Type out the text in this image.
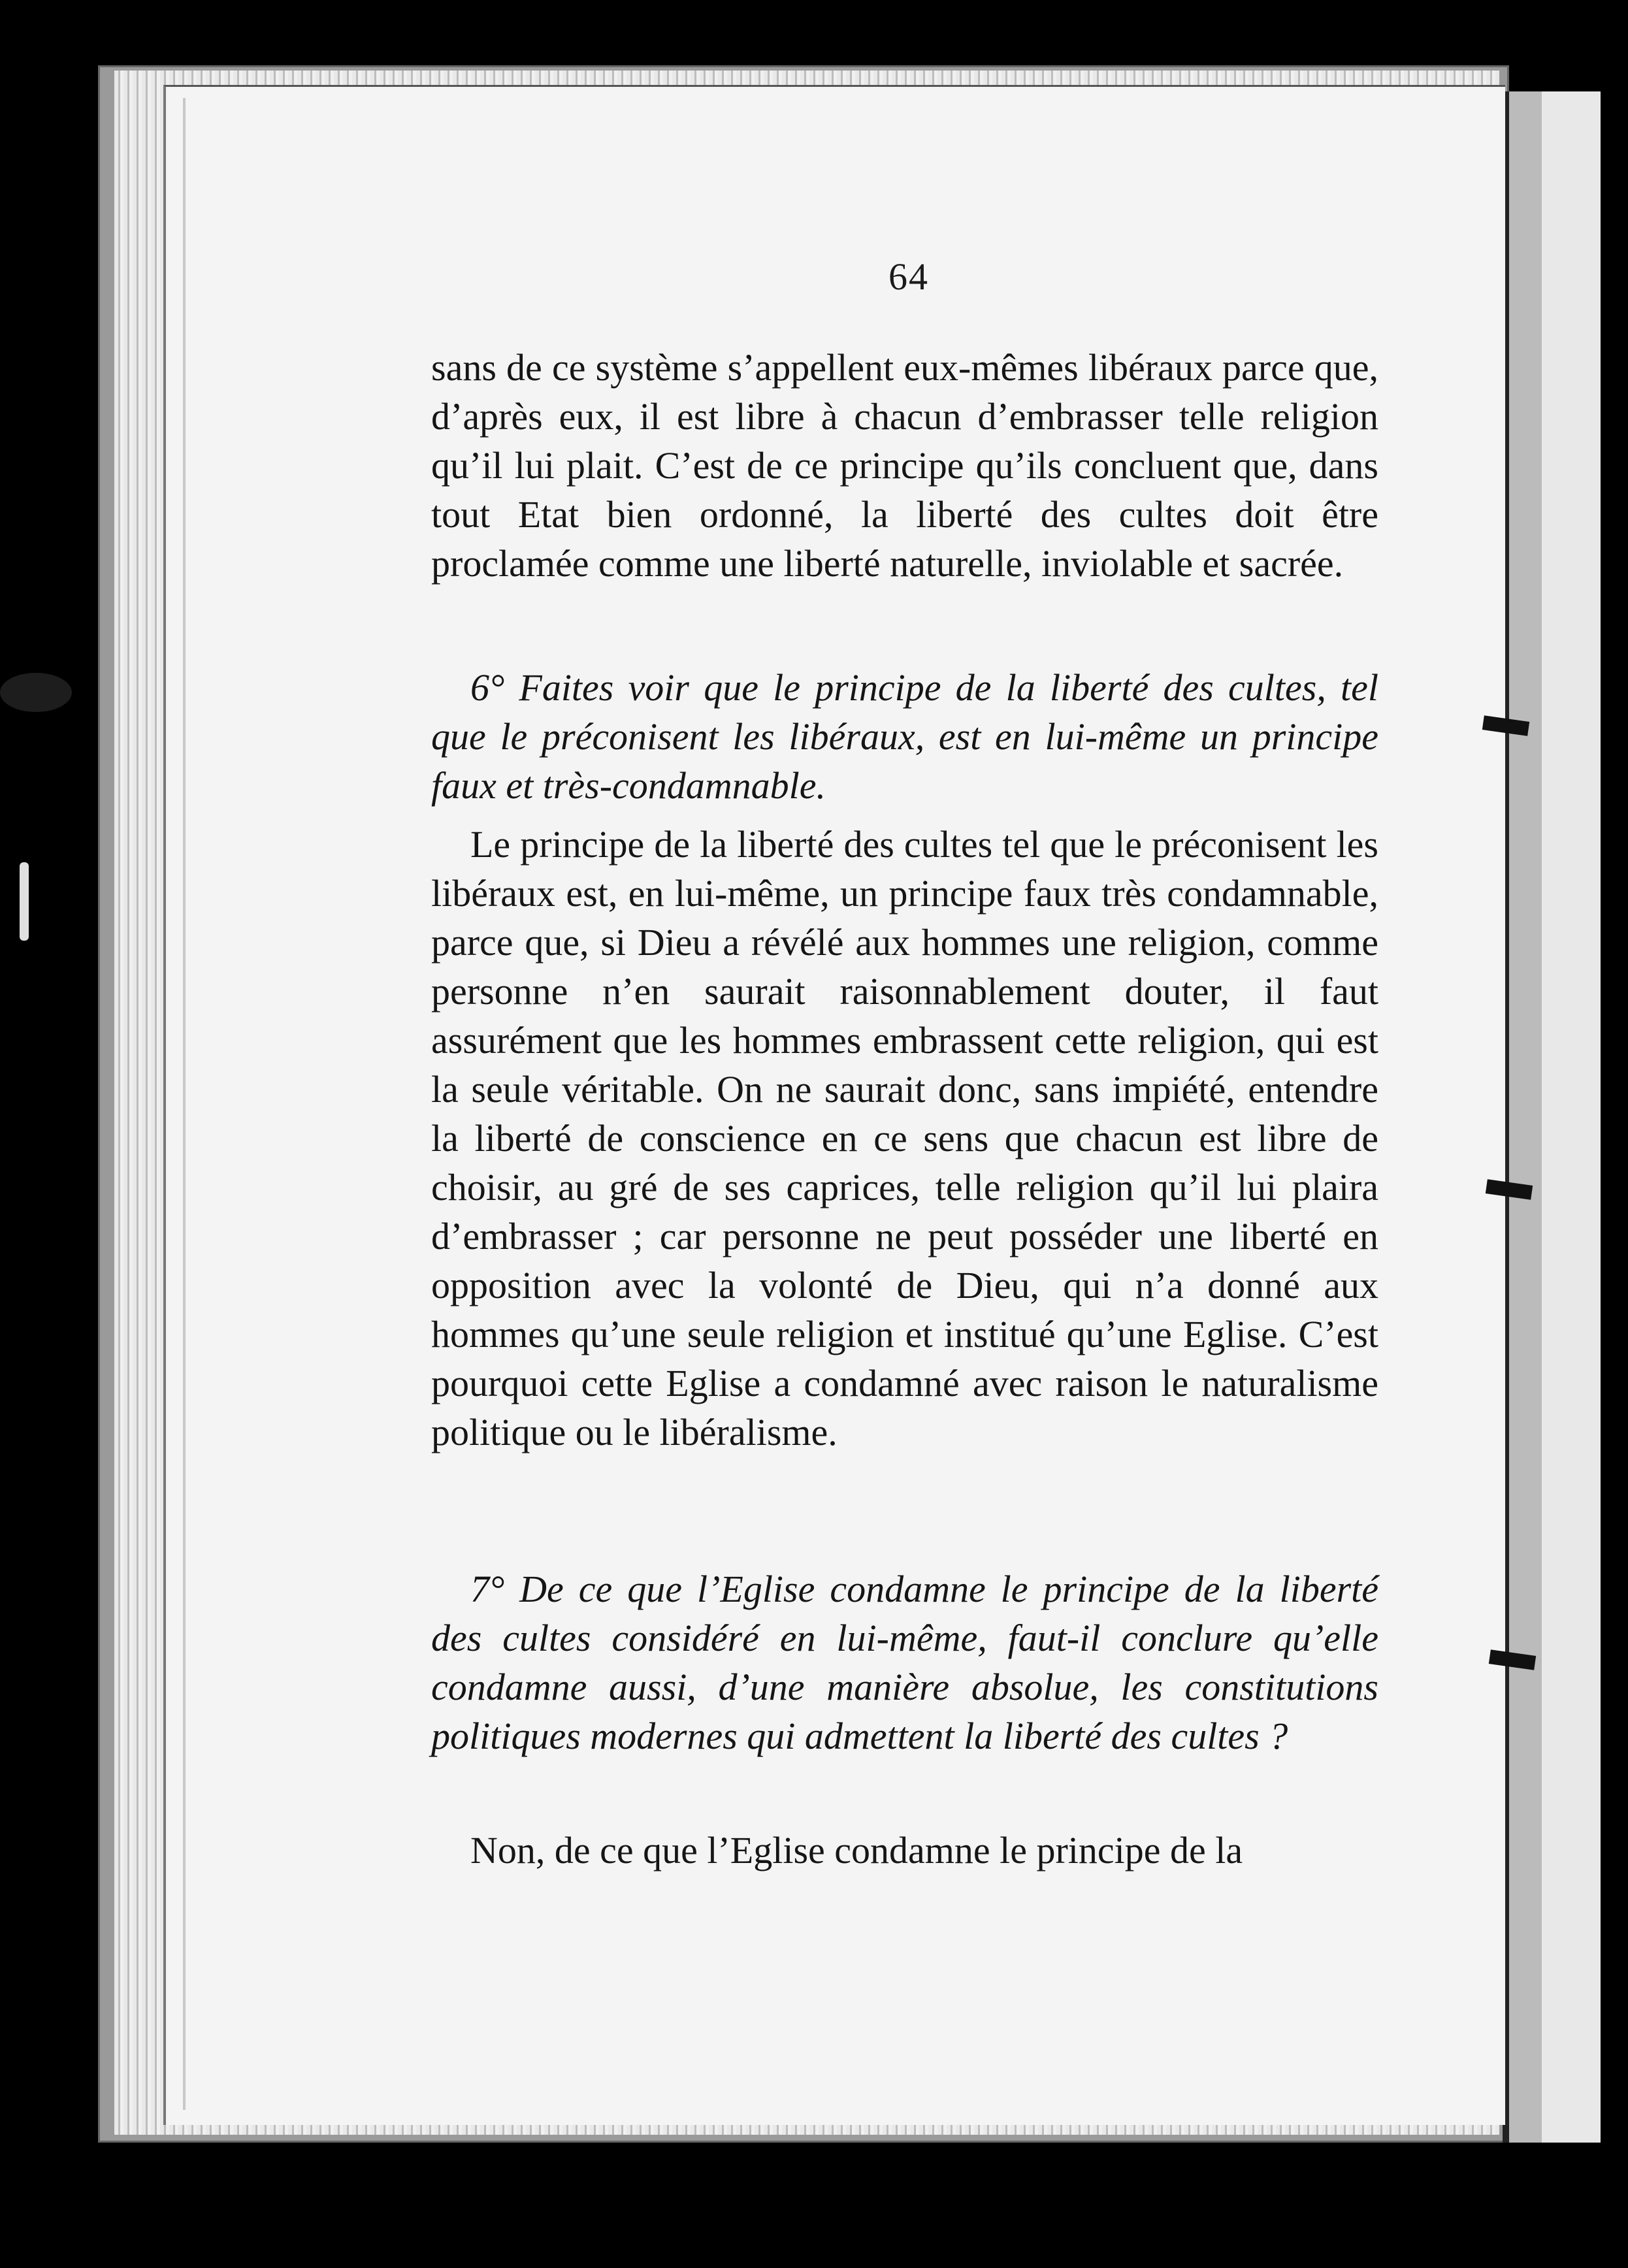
64

sans de ce système s’appellent eux-mêmes libéraux parce que, d’après eux, il est libre à chacun d’embrasser telle religion qu’il lui plait. C’est de ce principe qu’ils concluent que, dans tout Etat bien ordonné, la liberté des cultes doit être proclamée comme une liberté naturelle, inviolable et sacrée.

6° Faites voir que le principe de la liberté des cultes, tel que le préconisent les libéraux, est en lui-même un principe faux et très-condamnable.

Le principe de la liberté des cultes tel que le préconisent les libéraux est, en lui-même, un principe faux très condamnable, parce que, si Dieu a révélé aux hommes une religion, comme personne n’en saurait raisonnablement douter, il faut assurément que les hommes embrassent cette religion, qui est la seule véritable. On ne saurait donc, sans impiété, entendre la liberté de conscience en ce sens que chacun est libre de choisir, au gré de ses caprices, telle religion qu’il lui plaira d’embrasser ; car personne ne peut posséder une liberté en opposition avec la volonté de Dieu, qui n’a donné aux hommes qu’une seule religion et institué qu’une Eglise. C’est pourquoi cette Eglise a condamné avec raison le naturalisme politique ou le libéralisme.

7° De ce que l’Eglise condamne le principe de la liberté des cultes considéré en lui-même, faut-il conclure qu’elle condamne aussi, d’une manière absolue, les constitutions politiques modernes qui admettent la liberté des cultes ?

Non, de ce que l’Eglise condamne le principe de la
